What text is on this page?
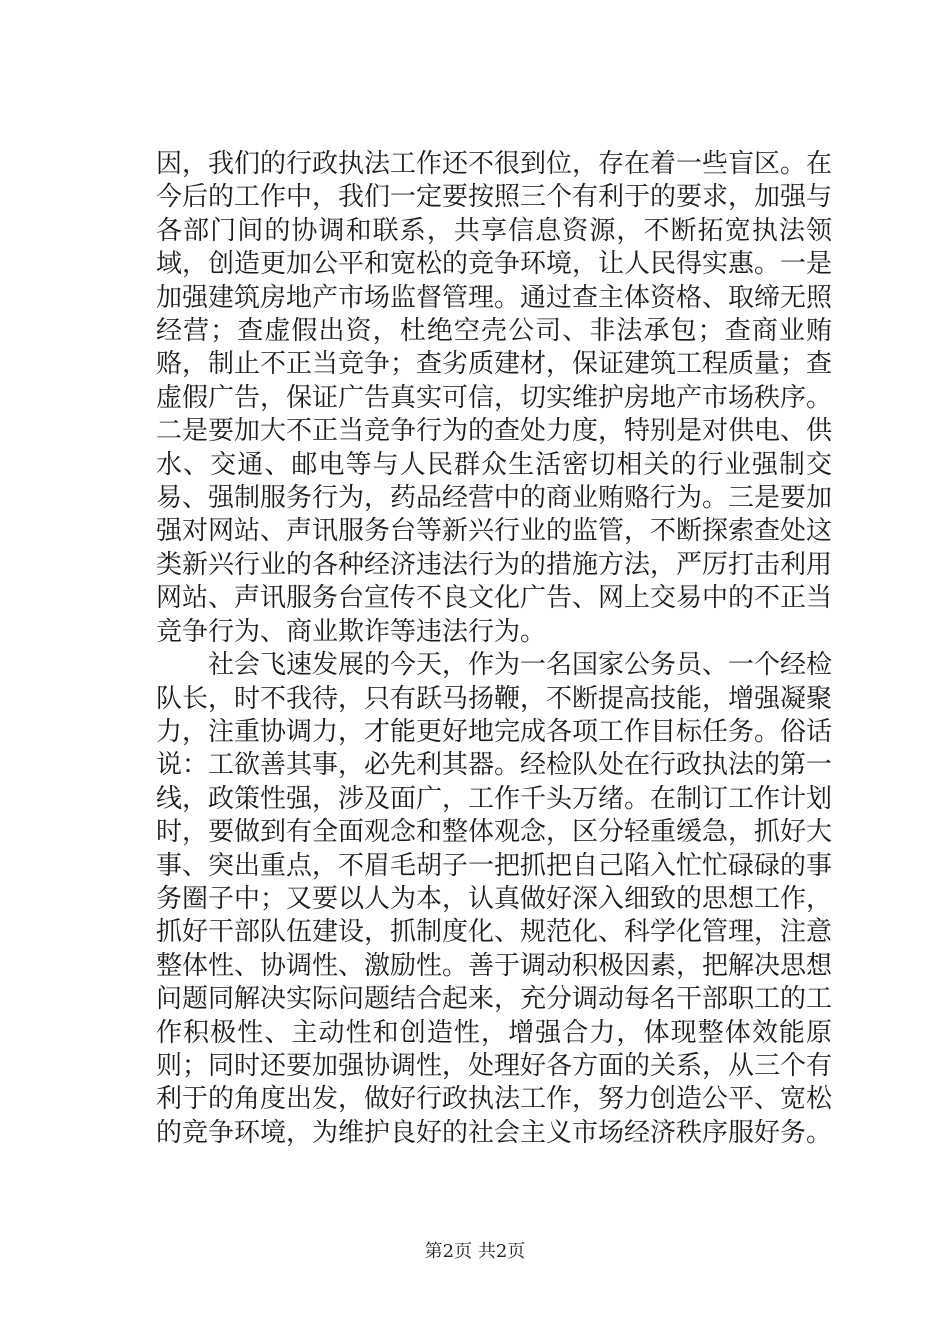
因，我们的行政执法工作还不很到位，存在着一些盲区。在今后的工作中，我们一定要按照三个有利于的要求，加强与各部门间的协调和联系，共享信息资源，不断拓宽执法领域，创造更加公平和宽松的竞争环境，让人民得实惠。一是加强建筑房地产市场监督管理。通过查主体资格、取缔无照经营；查虚假出资，杜绝空壳公司、非法承包；查商业贿赂，制止不正当竞争；查劣质建材，保证建筑工程质量；查虚假广告，保证广告真实可信，切实维护房地产市场秩序。二是要加大不正当竞争行为的查处力度，特别是对供电、供水、交通、邮电等与人民群众生活密切相关的行业强制交易、强制服务行为，药品经营中的商业贿赂行为。三是要加强对网站、声讯服务台等新兴行业的监管，不断探索查处这类新兴行业的各种经济违法行为的措施方法，严厉打击利用网站、声讯服务台宣传不良文化广告、网上交易中的不正当竞争行为、商业欺诈等违法行为。

社会飞速发展的今天，作为一名国家公务员、一个经检队长，时不我待，只有跃马扬鞭，不断提高技能，增强凝聚力，注重协调力，才能更好地完成各项工作目标任务。俗话说：工欲善其事，必先利其器。经检队处在行政执法的第一线，政策性强，涉及面广，工作千头万绪。在制订工作计划时，要做到有全面观念和整体观念，区分轻重缓急，抓好大事、突出重点，不眉毛胡子一把抓把自己陷入忙忙碌碌的事务圈子中；又要以人为本，认真做好深入细致的思想工作，抓好干部队伍建设，抓制度化、规范化、科学化管理，注意整体性、协调性、激励性。善于调动积极因素，把解决思想问题同解决实际问题结合起来，充分调动每名干部职工的工作积极性、主动性和创造性，增强合力，体现整体效能原则；同时还要加强协调性，处理好各方面的关系，从三个有利于的角度出发，做好行政执法工作，努力创造公平、宽松的竞争环境，为维护良好的社会主义市场经济秩序服好务。

第2页 共2页
